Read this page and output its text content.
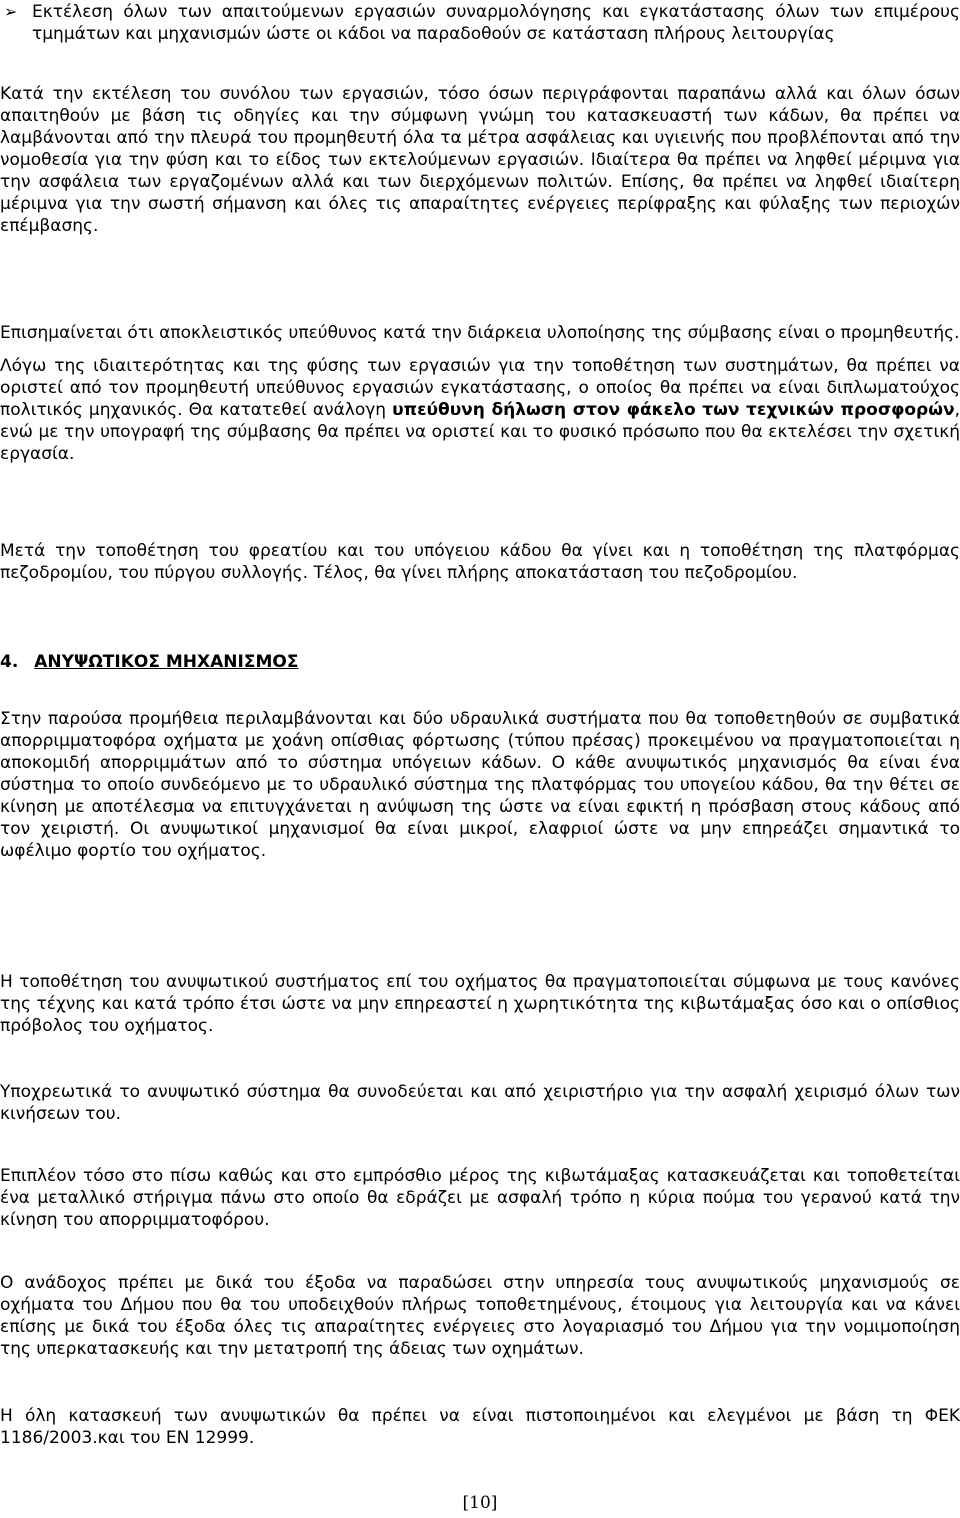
➢ Εκτέλεση όλων των απαιτούμενων εργασιών συναρμολόγησης και εγκατάστασης όλων των επιμέρους τμημάτων και μηχανισμών ώστε οι κάδοι να παραδοθούν σε κατάσταση πλήρους λειτουργίας
Κατά την εκτέλεση του συνόλου των εργασιών, τόσο όσων περιγράφονται παραπάνω αλλά και όλων όσων απαιτηθούν με βάση τις οδηγίες και την σύμφωνη γνώμη του κατασκευαστή των κάδων, θα πρέπει να λαμβάνονται από την πλευρά του προμηθευτή όλα τα μέτρα ασφάλειας και υγιεινής που προβλέπονται από την νομοθεσία για την φύση και το είδος των εκτελούμενων εργασιών. Ιδιαίτερα θα πρέπει να ληφθεί μέριμνα για την ασφάλεια των εργαζομένων αλλά και των διερχόμενων πολιτών. Επίσης, θα πρέπει να ληφθεί ιδιαίτερη μέριμνα για την σωστή σήμανση και όλες τις απαραίτητες ενέργειες περίφραξης και φύλαξης των περιοχών επέμβασης.
Επισημαίνεται ότι αποκλειστικός υπεύθυνος κατά την διάρκεια υλοποίησης της σύμβασης είναι ο προμηθευτής.
Λόγω της ιδιαιτερότητας και της φύσης των εργασιών για την τοποθέτηση των συστημάτων, θα πρέπει να οριστεί από τον προμηθευτή υπεύθυνος εργασιών εγκατάστασης, ο οποίος θα πρέπει να είναι διπλωματούχος πολιτικός μηχανικός. Θα κατατεθεί ανάλογη υπεύθυνη δήλωση στον φάκελο των τεχνικών προσφορών, ενώ με την υπογραφή της σύμβασης θα πρέπει να οριστεί και το φυσικό πρόσωπο που θα εκτελέσει την σχετική εργασία.
Μετά την τοποθέτηση του φρεατίου και του υπόγειου κάδου θα γίνει και η τοποθέτηση της πλατφόρμας πεζοδρομίου, του πύργου συλλογής. Τέλος, θα γίνει πλήρης αποκατάσταση του πεζοδρομίου.
4. ΑΝΥΨΩΤΙΚΟΣ ΜΗΧΑΝΙΣΜΟΣ
Στην παρούσα προμήθεια περιλαμβάνονται και δύο υδραυλικά συστήματα που θα τοποθετηθούν σε συμβατικά απορριμματοφόρα οχήματα με χοάνη οπίσθιας φόρτωσης (τύπου πρέσας) προκειμένου να πραγματοποιείται η αποκομιδή απορριμμάτων από το σύστημα υπόγειων κάδων. Ο κάθε ανυψωτικός μηχανισμός θα είναι ένα σύστημα το οποίο συνδεόμενο με το υδραυλικό σύστημα της πλατφόρμας του υπογείου κάδου, θα την θέτει σε κίνηση με αποτέλεσμα να επιτυγχάνεται η ανύψωση της ώστε να είναι εφικτή η πρόσβαση στους κάδους από τον χειριστή. Οι ανυψωτικοί μηχανισμοί θα είναι μικροί, ελαφριοί ώστε να μην επηρεάζει σημαντικά το ωφέλιμο φορτίο του οχήματος.
Η τοποθέτηση του ανυψωτικού συστήματος επί του οχήματος θα πραγματοποιείται σύμφωνα με τους κανόνες της τέχνης και κατά τρόπο έτσι ώστε να μην επηρεαστεί η χωρητικότητα της κιβωτάμαξας όσο και ο οπίσθιος πρόβολος του οχήματος.
Υποχρεωτικά το ανυψωτικό σύστημα θα συνοδεύεται και από χειριστήριο για την ασφαλή χειρισμό όλων των κινήσεων του.
Επιπλέον τόσο στο πίσω καθώς και στο εμπρόσθιο μέρος της κιβωτάμαξας κατασκευάζεται και τοποθετείται ένα μεταλλικό στήριγμα πάνω στο οποίο θα εδράζει με ασφαλή τρόπο η κύρια πούμα του γερανού κατά την κίνηση του απορριμματοφόρου.
Ο ανάδοχος πρέπει με δικά του έξοδα να παραδώσει στην υπηρεσία τους ανυψωτικούς μηχανισμούς σε οχήματα του Δήμου που θα του υποδειχθούν πλήρως τοποθετημένους, έτοιμους για λειτουργία και να κάνει επίσης με δικά του έξοδα όλες τις απαραίτητες ενέργειες στο λογαριασμό του Δήμου για την νομιμοποίηση της υπερκατασκευής και την μετατροπή της άδειας των οχημάτων.
Η όλη κατασκευή των ανυψωτικών θα πρέπει να είναι πιστοποιημένοι και ελεγμένοι με βάση τη ΦΕΚ 1186/2003.και του ΕΝ 12999.
[10]
